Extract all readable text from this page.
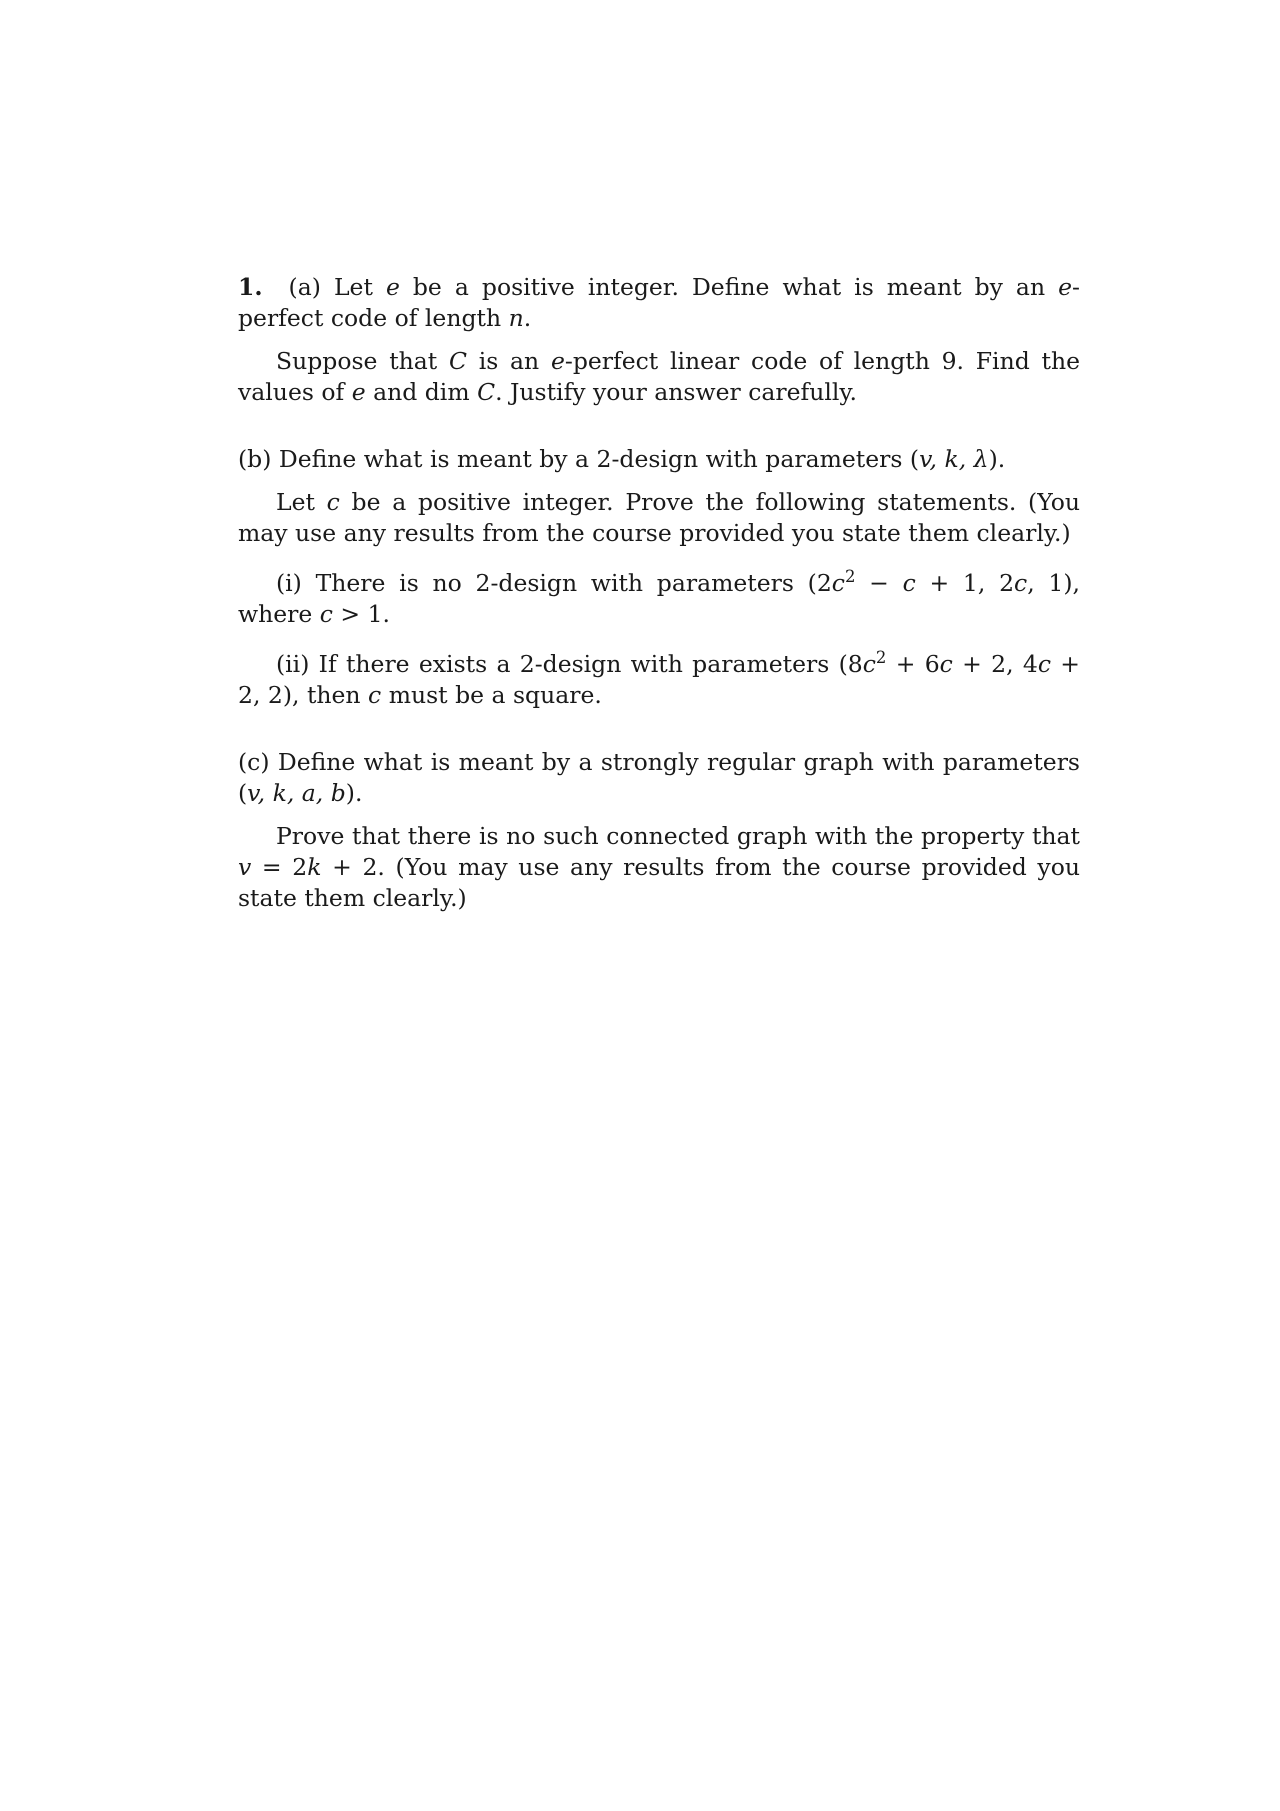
1. (a) Let e be a positive integer. Define what is meant by an e-perfect code of length n.

Suppose that C is an e-perfect linear code of length 9. Find the values of e and dim C. Justify your answer carefully.

(b) Define what is meant by a 2-design with parameters (v, k, λ).

Let c be a positive integer. Prove the following statements. (You may use any results from the course provided you state them clearly.)

(i) There is no 2-design with parameters ($2c^2 - c + 1$, 2c, 1), where c > 1.

(ii) If there exists a 2-design with parameters ($8c^2 + 6c + 2$, 4c + 2, 2), then c must be a square.

(c) Define what is meant by a strongly regular graph with parameters (v, k, a, b).

Prove that there is no such connected graph with the property that v = 2k + 2. (You may use any results from the course provided you state them clearly.)
